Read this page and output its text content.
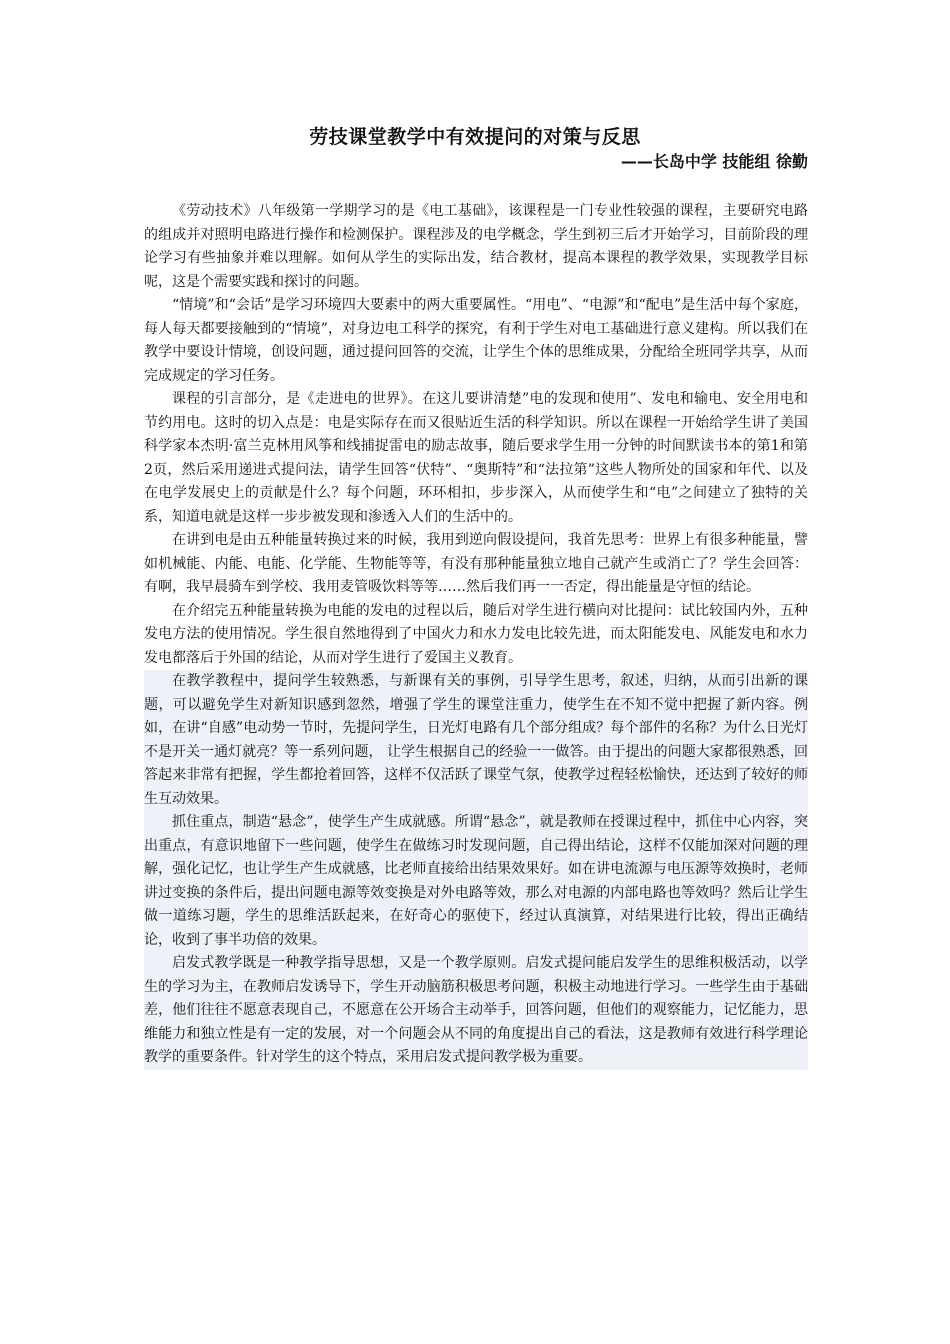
劳技课堂教学中有效提问的对策与反思
——长岛中学 技能组 徐勤

《劳动技术》八年级第一学期学习的是《电工基础》，该课程是一门专业性较强的课程，主要研究电路的组成并对照明电路进行操作和检测保护。课程涉及的电学概念，学生到初三后才开始学习，目前阶段的理论学习有些抽象并难以理解。如何从学生的实际出发，结合教材，提高本课程的教学效果，实现教学目标呢，这是个需要实践和探讨的问题。

“情境”和“会话”是学习环境四大要素中的两大重要属性。“用电”、“电源”和“配电”是生活中每个家庭，每人每天都要接触到的“情境”，对身边电工科学的探究，有利于学生对电工基础进行意义建构。所以我们在教学中要设计情境，创设问题，通过提问回答的交流，让学生个体的思维成果，分配给全班同学共享，从而完成规定的学习任务。

课程的引言部分，是《走进电的世界》。在这儿要讲清楚”电的发现和使用”、发电和输电、安全用电和节约用电。这时的切入点是：电是实际存在而又很贴近生活的科学知识。所以在课程一开始给学生讲了美国科学家本杰明·富兰克林用风筝和线捕捉雷电的励志故事，随后要求学生用一分钟的时间默读书本的第1和第2页，然后采用递进式提问法，请学生回答“伏特”、“奥斯特”和“法拉第”这些人物所处的国家和年代、以及在电学发展史上的贡献是什么？每个问题，环环相扣，步步深入，从而使学生和“电”之间建立了独特的关系，知道电就是这样一步步被发现和渗透入人们的生活中的。

在讲到电是由五种能量转换过来的时候，我用到逆向假设提问，我首先思考：世界上有很多种能量，譬如机械能、内能、电能、化学能、生物能等等，有没有那种能量独立地自己就产生或消亡了？学生会回答：有啊，我早晨骑车到学校、我用麦管吸饮料等等……然后我们再一一否定，得出能量是守恒的结论。

在介绍完五种能量转换为电能的发电的过程以后，随后对学生进行横向对比提问：试比较国内外，五种发电方法的使用情况。学生很自然地得到了中国火力和水力发电比较先进，而太阳能发电、风能发电和水力发电都落后于外国的结论，从而对学生进行了爱国主义教育。

在教学教程中，提问学生较熟悉，与新课有关的事例，引导学生思考，叙述，归纳，从而引出新的课题，可以避免学生对新知识感到忽然，增强了学生的课堂注重力，使学生在不知不觉中把握了新内容。例如，在讲“自感”电动势一节时，先提问学生，日光灯电路有几个部分组成？每个部件的名称？为什么日光灯不是开关一通灯就亮？等一系列问题， 让学生根据自己的经验一一做答。由于提出的问题大家都很熟悉，回答起来非常有把握，学生都抢着回答，这样不仅活跃了课堂气氛，使教学过程轻松愉快，还达到了较好的师生互动效果。

抓住重点，制造“悬念”，使学生产生成就感。所谓“悬念”，就是教师在授课过程中，抓住中心内容，突出重点，有意识地留下一些问题，使学生在做练习时发现问题，自己得出结论，这样不仅能加深对问题的理解，强化记忆，也让学生产生成就感，比老师直接给出结果效果好。如在讲电流源与电压源等效换时，老师讲过变换的条件后，提出问题电源等效变换是对外电路等效，那么对电源的内部电路也等效吗？然后让学生做一道练习题，学生的思维活跃起来，在好奇心的驱使下，经过认真演算，对结果进行比较，得出正确结论，收到了事半功倍的效果。

启发式教学既是一种教学指导思想，又是一个教学原则。启发式提问能启发学生的思维积极活动，以学生的学习为主，在教师启发诱导下，学生开动脑筋积极思考问题，积极主动地进行学习。一些学生由于基础差，他们往往不愿意表现自己，不愿意在公开场合主动举手，回答问题，但他们的观察能力，记忆能力，思维能力和独立性是有一定的发展，对一个问题会从不同的角度提出自己的看法，这是教师有效进行科学理论教学的重要条件。针对学生的这个特点，采用启发式提问教学极为重要。
